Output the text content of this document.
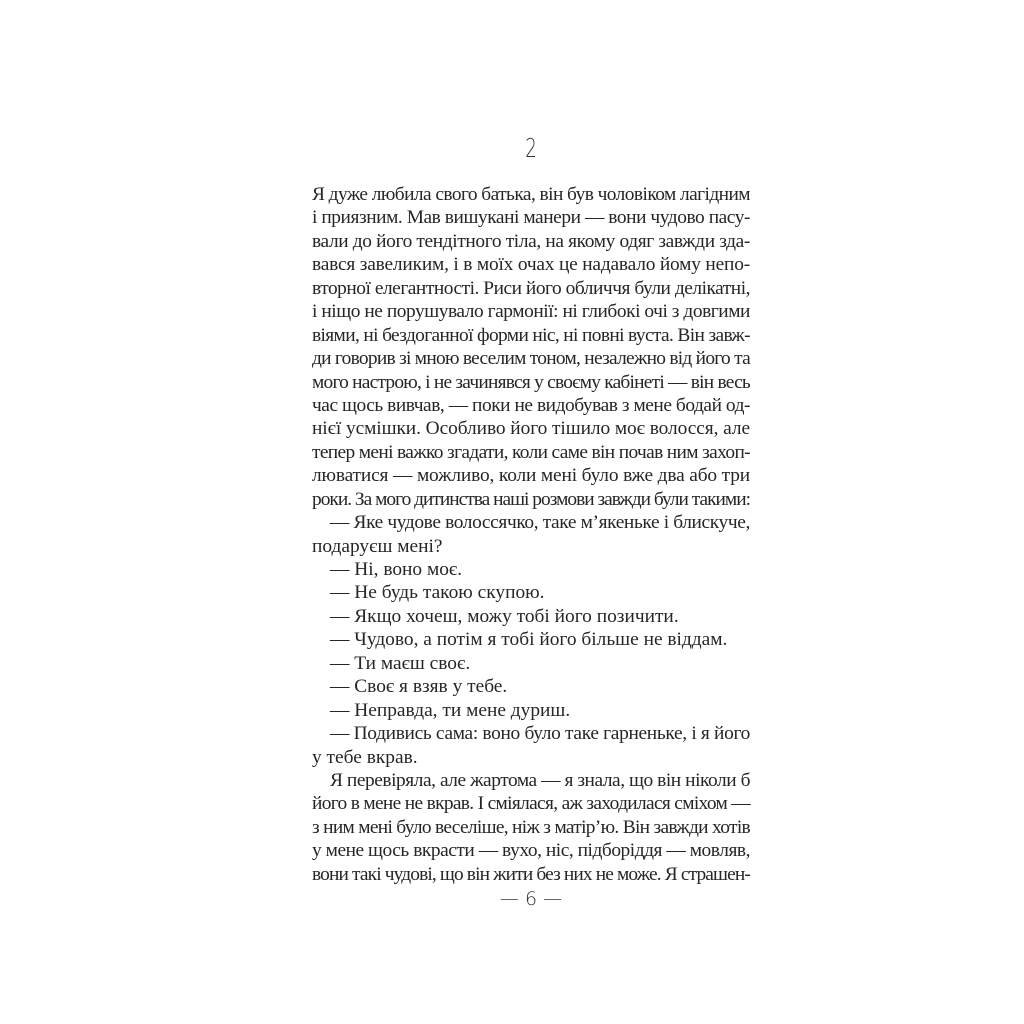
2
Я дуже любила свого батька, він був чоловіком лагідним
і приязним. Мав вишукані манери — вони чудово пасу-
вали до його тендітного тіла, на якому одяг завжди зда-
вався завеликим, і в моїх очах це надавало йому непо-
вторної елегантності. Риси його обличчя були делікатні,
і ніщо не порушувало гармонії: ні глибокі очі з довгими
віями, ні бездоганної форми ніс, ні повні вуста. Він завж-
ди говорив зі мною веселим тоном, незалежно від його та
мого настрою, і не зачинявся у своєму кабінеті — він весь
час щось вивчав, — поки не видобував з мене бодай од-
нієї усмішки. Особливо його тішило моє волосся, але
тепер мені важко згадати, коли саме він почав ним захоп-
люватися — можливо, коли мені було вже два або три
роки. За мого дитинства наші розмови завжди були такими:
— Яке чудове волоссячко, таке м’якеньке і блискуче,
подаруєш мені?
— Ні, воно моє.
— Не будь такою скупою.
— Якщо хочеш, можу тобі його позичити.
— Чудово, а потім я тобі його більше не віддам.
— Ти маєш своє.
— Своє я взяв у тебе.
— Неправда, ти мене дуриш.
— Подивись сама: воно було таке гарненьке, і я його
у тебе вкрав.
Я перевіряла, але жартома — я знала, що він ніколи б
його в мене не вкрав. І сміялася, аж заходилася сміхом —
з ним мені було веселіше, ніж з матір’ю. Він завжди хотів
у мене щось вкрасти — вухо, ніс, підборіддя — мовляв,
вони такі чудові, що він жити без них не може. Я страшен-
— 6 —
